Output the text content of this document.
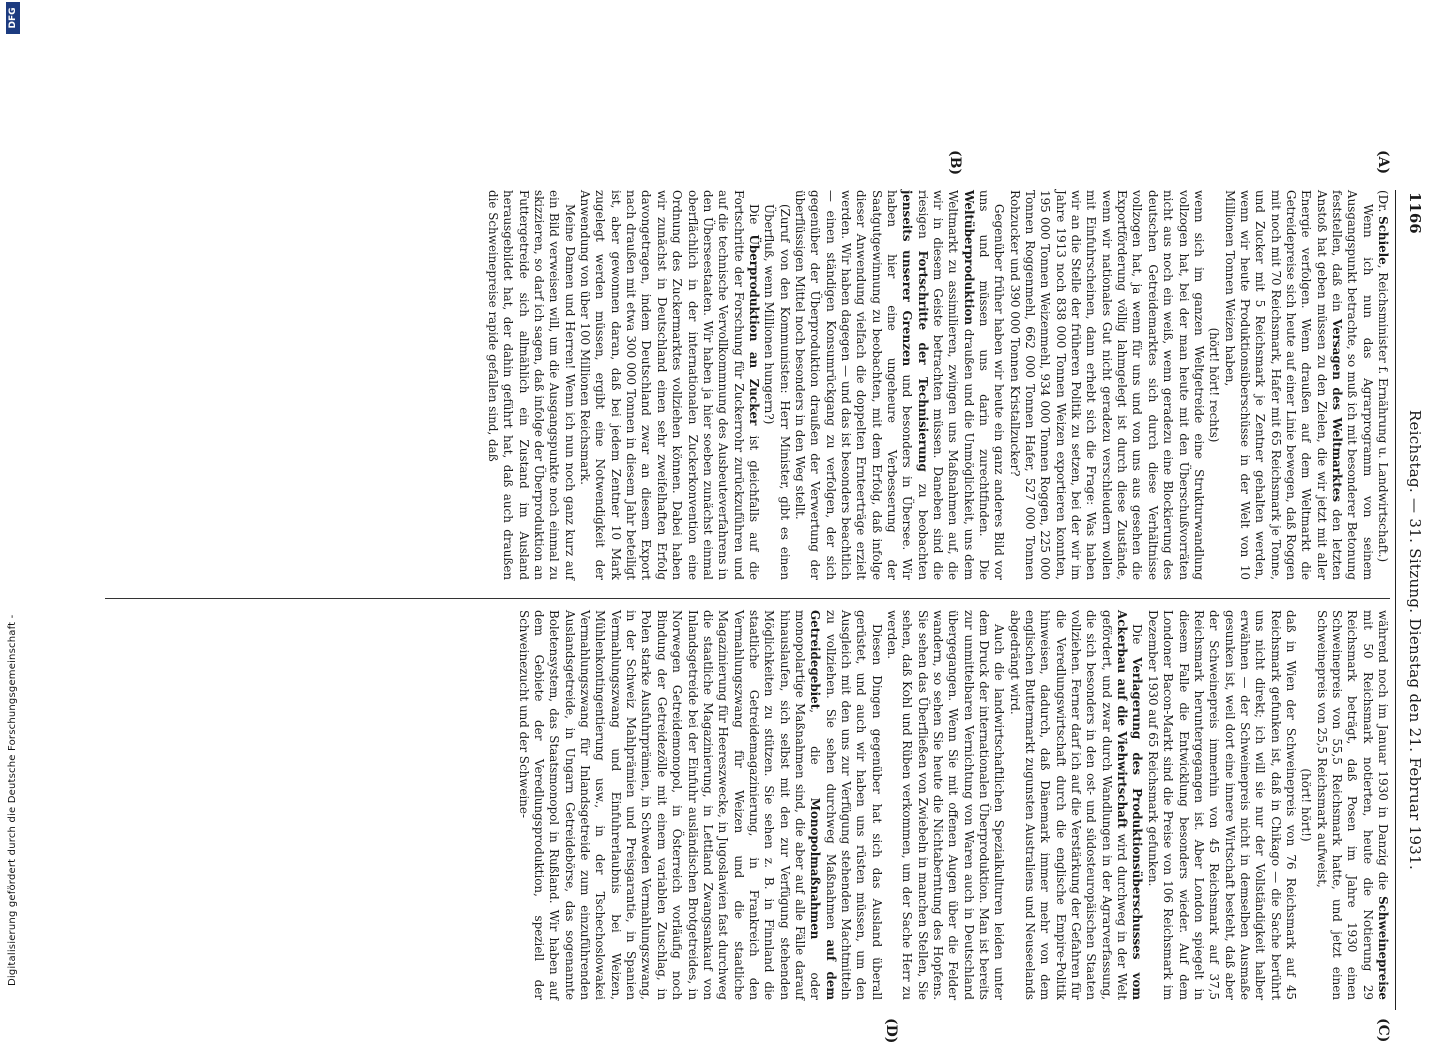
1166
Reichstag. — 31. Sitzung. Dienstag den 21. Februar 1931.
(A)
(B)
(C)
(D)

(Dr. Schiele, Reichsminister f. Ernährung u. Landwirtschaft.)

Wenn ich nun das Agrarprogramm von seinem Ausgangspunkt betrachte, so muß ich mit besonderer Betonung feststellen, daß ein Versagen des Weltmarktes den letzten Anstoß hat geben müssen zu den Zielen, die wir jetzt mit aller Energie verfolgen. Wenn draußen auf dem Weltmarkt die Getreidepreise sich heute auf einer Linie bewegen, daß Roggen mit noch mit 70 Reichsmark, Hafer mit 65 Reichsmark je Tonne, und Zucker mit 5 Reichsmark je Zentner gehalten werden, wenn wir heute Produktionsüberschüsse in der Welt von 10 Millionen Tonnen Weizen haben,

(hört! hört! rechts)

wenn sich im ganzen Weltgetreide eine Strukturwandlung vollzogen hat, bei der man heute mit den Überschußvorräten nicht aus noch ein weiß, wenn geradezu eine Blockierung des deutschen Getreidemarktes sich durch diese Verhältnisse vollzogen hat, ja wenn für uns und von uns aus gesehen die Exportförderung völlig lahmgelegt ist durch diese Zustände, wenn wir nationales Gut nicht geradezu verschleudern wollen mit Einfuhrscheinen, dann erhebt sich die Frage: Was haben wir an die Stelle der früheren Politik zu setzen, bei der wir im Jahre 1913 noch 838 000 Tonnen Weizen exportieren konnten, 195 000 Tonnen Weizenmehl, 934 000 Tonnen Roggen, 225 000 Tonnen Roggenmehl, 662 000 Tonnen Hafer, 527 000 Tonnen Rohzucker und 390 000 Tonnen Kristallzucker?

Gegenüber früher haben wir heute ein ganz anderes Bild vor uns und müssen uns darin zurechtfinden. Die Weltüberproduktion draußen und die Unmöglichkeit, uns dem Weltmarkt zu assimilieren, zwingen uns Maßnahmen auf, die wir in diesem Geiste betrachten müssen. Daneben sind die riesigen Fortschritte der Technisierung zu beobachten jenseits unserer Grenzen und besonders in Übersee. Wir haben hier eine ungeheure Verbesserung der Saatgutgewinnung zu beobachten, mit dem Erfolg, daß infolge dieser Anwendung vielfach die doppelten Ernteerträge erzielt werden. Wir haben dagegen — und das ist besonders beachtlich — einen ständigen Konsumrückgang zu verfolgen, der sich gegenüber der Überproduktion draußen der Verwertung der überflüssigen Mittel noch besonders in den Weg stellt.

(Zuruf von den Kommunisten: Herr Minister, gibt es einen Überfluß, wenn Millionen hungern?)

Die Überproduktion an Zucker ist gleichfalls auf die Fortschritte der Forschung für Zuckerrohr zurückzuführen und auf die technische Vervollkommnung des Ausbeuteverfahrens in den Überseestaaten. Wir haben ja hier soeben zunächst einmal oberflächlich in der internationalen Zuckerkonvention eine Ordnung des Zuckermarktes vollziehen können. Dabei haben wir zunächst in Deutschland einen sehr zweifelhaften Erfolg davongetragen, indem Deutschland zwar an diesem Export nach draußen mit etwa 300 000 Tonnen in diesem Jahr beteiligt ist, aber gewonnen daran, daß bei jedem Zentner 10 Mark zugelegt werden müssen, ergibt eine Notwendigkeit der Anwendung von über 100 Millionen Reichsmark.

Meine Damen und Herren! Wenn ich nun noch ganz kurz auf ein Bild verweisen will, um die Ausgangspunkte noch einmal zu skizzieren, so darf ich sagen, daß infolge der Überproduktion an Futtergetreide sich allmählich ein Zustand im Ausland herausgebildet hat, der dahin geführt hat, daß auch draußen die Schweinepreise rapide gefallen sind, daß

während noch im Januar 1930 in Danzig die Schweinepreise mit 50 Reichsmark notierten, heute die Notierung 29 Reichsmark beträgt, daß Posen im Jahre 1930 einen Schweinepreis von 55,5 Reichsmark hatte, und jetzt einen Schweinepreis von 25,5 Reichsmark aufweist,

(hört! hört!)

daß in Wien der Schweinepreis von 76 Reichsmark auf 45 Reichsmark gefunken ist, daß in Chikago — die Sache berührt uns nicht direkt; ich will sie nur der Vollständigkeit halber erwähnen — der Schweinepreis nicht in demselben Ausmaße gesunken ist, weil dort eine innere Wirtschaft besteht, daß aber der Schweinepreis immerhin von 45 Reichsmark auf 37,5 Reichsmark heruntergegangen ist. Aber London spiegelt in diesem Falle die Entwicklung besonders wieder. Auf dem Londoner Bacon-Markt sind die Preise von 106 Reichsmark im Dezember 1930 auf 65 Reichsmark gefunken.

Die Verlagerung des Produktionsüberschusses vom Ackerbau auf die Viehwirtschaft wird durchweg in der Welt gefördert, und zwar durch Wandlungen in der Agrarverfassung, die sich besonders in den ost- und südosteuropäischen Staaten vollziehen. Ferner darf ich auf die Verstärkung der Gefahren für die Veredlungswirtschaft durch die englische Empire-Politik hinweisen, dadurch, daß Dänemark immer mehr von dem englischen Buttermarkt zugunsten Australiens und Neuseelands abgedrängt wird.

Auch die landwirtschaftlichen Spezialkulturen leiden unter dem Druck der internationalen Überproduktion. Man ist bereits zur unmittelbaren Vernichtung von Waren auch in Deutschland übergegangen. Wenn Sie mit offenen Augen über die Felder wandern, so sehen Sie heute die Nichtaberntung des Hopfens. Sie sehen das Überfließen von Zwiebeln in manchen Stellen, Sie sehen, daß Kohl und Rüben verkommen, um der Sache Herr zu werden.

Diesen Dingen gegenüber hat sich das Ausland überall gerüstet, und auch wir haben uns rüsten müssen, um den Ausgleich mit den uns zur Verfügung stehenden Machtmitteln zu vollziehen. Sie sehen durchweg Maßnahmen auf dem Getreidegebiet, die Monopolmaßnahmen oder monopolartige Maßnahmen sind, die aber auf alle Fälle darauf hinauslaufen, sich selbst mit den zur Verfügung stehenden Möglichkeiten zu stützen. Sie sehen z. B. in Finnland die staatliche Getreidemagazinierung, in Frankreich den Vermahlungszwang für Weizen und die staatliche Magazinierung für Heereszwecke, in Jugoslawien fast durchweg die staatliche Magazinierung, in Lettland Zwangsankauf von Inlandsgetreide bei der Einfuhr ausländischen Brotgetreides, in Norwegen Getreidemonopol, in Österreich vorläufig noch Bindung der Getreidezölle mit einem variablen Zuschlag, in Polen starke Ausfuhrprämien, in Schweden Vermahlungszwang, in der Schweiz Mahlprämien und Preisgarantie, in Spanien Vermahlungszwang und Einfuhrerlaubnis bei Weizen, Mühlenkontingentierung usw., in der Tschechoslowakei Vermahlungszwang für Inlandsgetreide zum einzuführenden Auslandsgetreide, in Ungarn Getreidebörse, das sogenannte Boletensystem, das Staatsmonopol in Rußland. Wir haben auf dem Gebiete der Veredlungsproduktion, speziell der Schweinezucht und der Schweine-

Digitalisierung gefördert durch die Deutsche Forschungsgemeinschaft -
DFG
